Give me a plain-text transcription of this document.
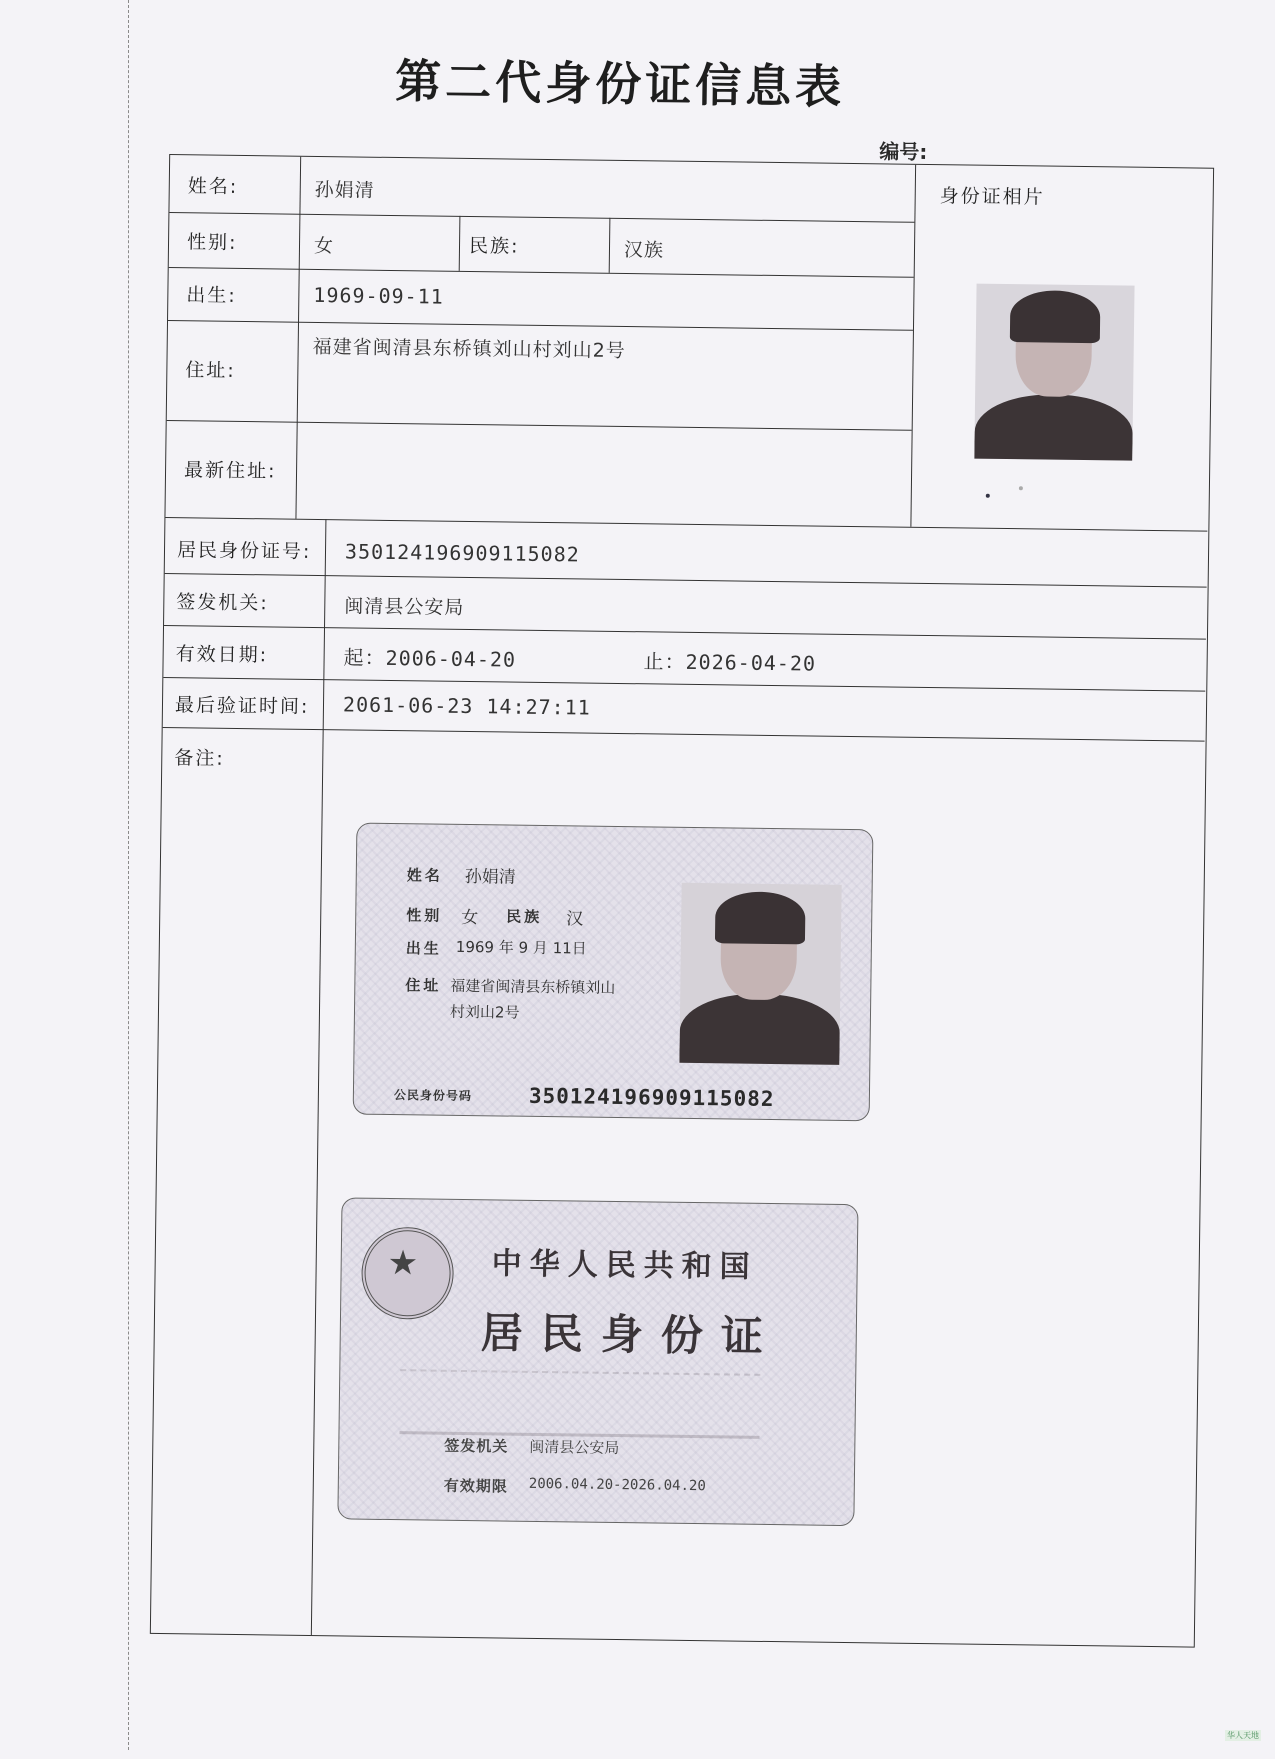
第二代身份证信息表
编号:
姓名:	孙娟清
性别:	女	民族:	汉族
出生:	1969-09-11
住址:
福建省闽清县东桥镇刘山村刘山2号
最新住址:
身份证相片
居民身份证号: 350124196909115082
签发机关:	闽清县公安局
有效日期:	起：2006-04-20	止：2026-04-20
最后验证时间: 2061-06-23 14:27:11
备注:
姓名 孙娟清
性别 女 民族 汉
出生 1969 年 9 月 11日
住址 福建省闽清县东桥镇刘山
村刘山2号
公民身份号码	350124196909115082
★ 中华人民共和国
居民身份证
签发机关 闽清县公安局
有效期限 2006.04.20-2026.04.20
华人天地
